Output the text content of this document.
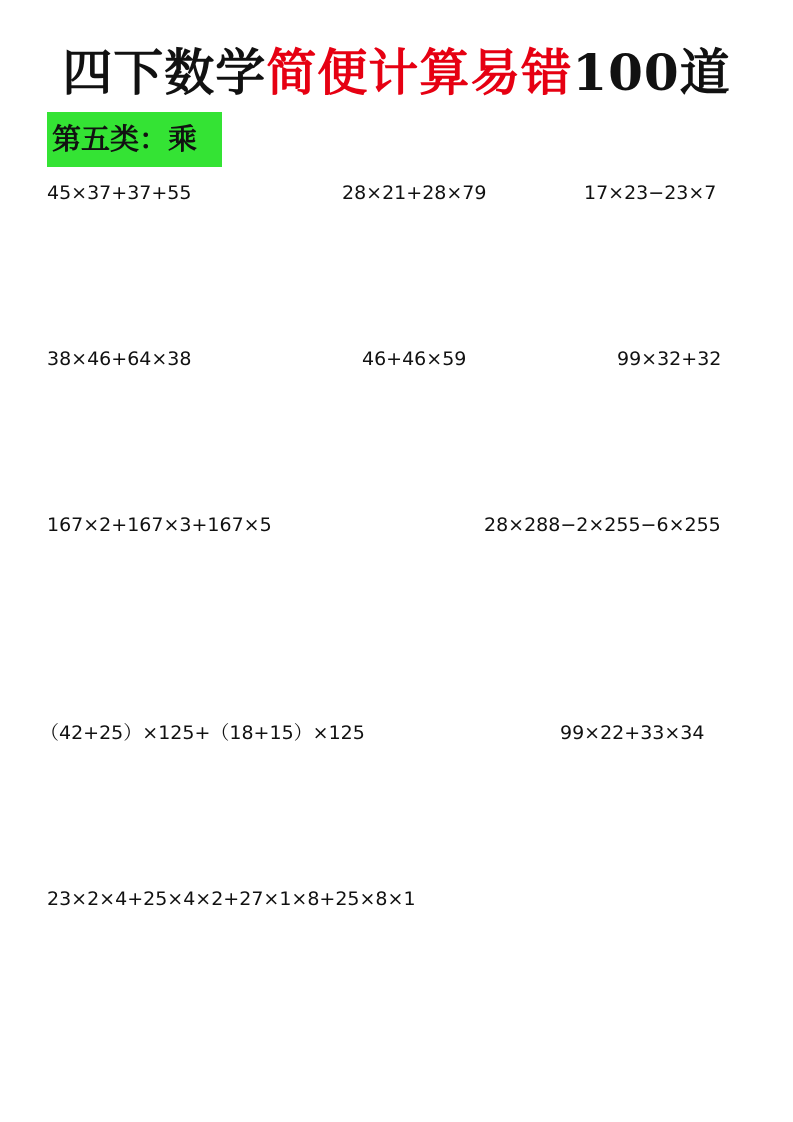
四下数学简便计算易错100道
第五类：乘
45×37+37+55	28×21+28×79	17×23−23×7
38×46+64×38	46+46×59	99×32+32
167×2+167×3+167×5	28×288−2×255−6×255
（42+25）×125+（18+15）×125	99×22+33×34
23×2×4+25×4×2+27×1×8+25×8×1
